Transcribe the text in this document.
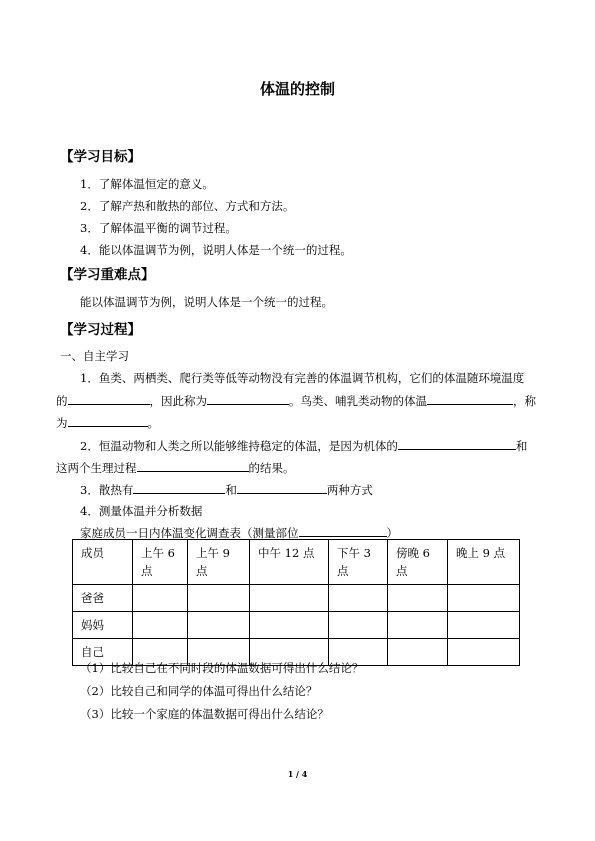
体温的控制
【学习目标】
1．了解体温恒定的意义。
2．了解产热和散热的部位、方式和方法。
3．了解体温平衡的调节过程。
4．能以体温调节为例，说明人体是一个统一的过程。
【学习重难点】
能以体温调节为例，说明人体是一个统一的过程。
【学习过程】
一、自主学习
1．鱼类、两栖类、爬行类等低等动物没有完善的体温调节机构，它们的体温随环境温度
的	，因此称为	。鸟类、哺乳类动物的体温	，称
为	。
2．恒温动物和人类之所以能够维持稳定的体温，是因为机体的	和
这两个生理过程	的结果。
3．散热有	和	两种方式
4．测量体温并分析数据
家庭成员一日内体温变化调查表（测量部位	）
成员	上午 6 点	上午 9 点	中午 12 点	下午 3 点	傍晚 6 点	晚上 9 点
爸爸						
妈妈						
自己						
（1）比较自己在不同时段的体温数据可得出什么结论？
（2）比较自己和同学的体温可得出什么结论？
（3）比较一个家庭的体温数据可得出什么结论？
1 / 4
